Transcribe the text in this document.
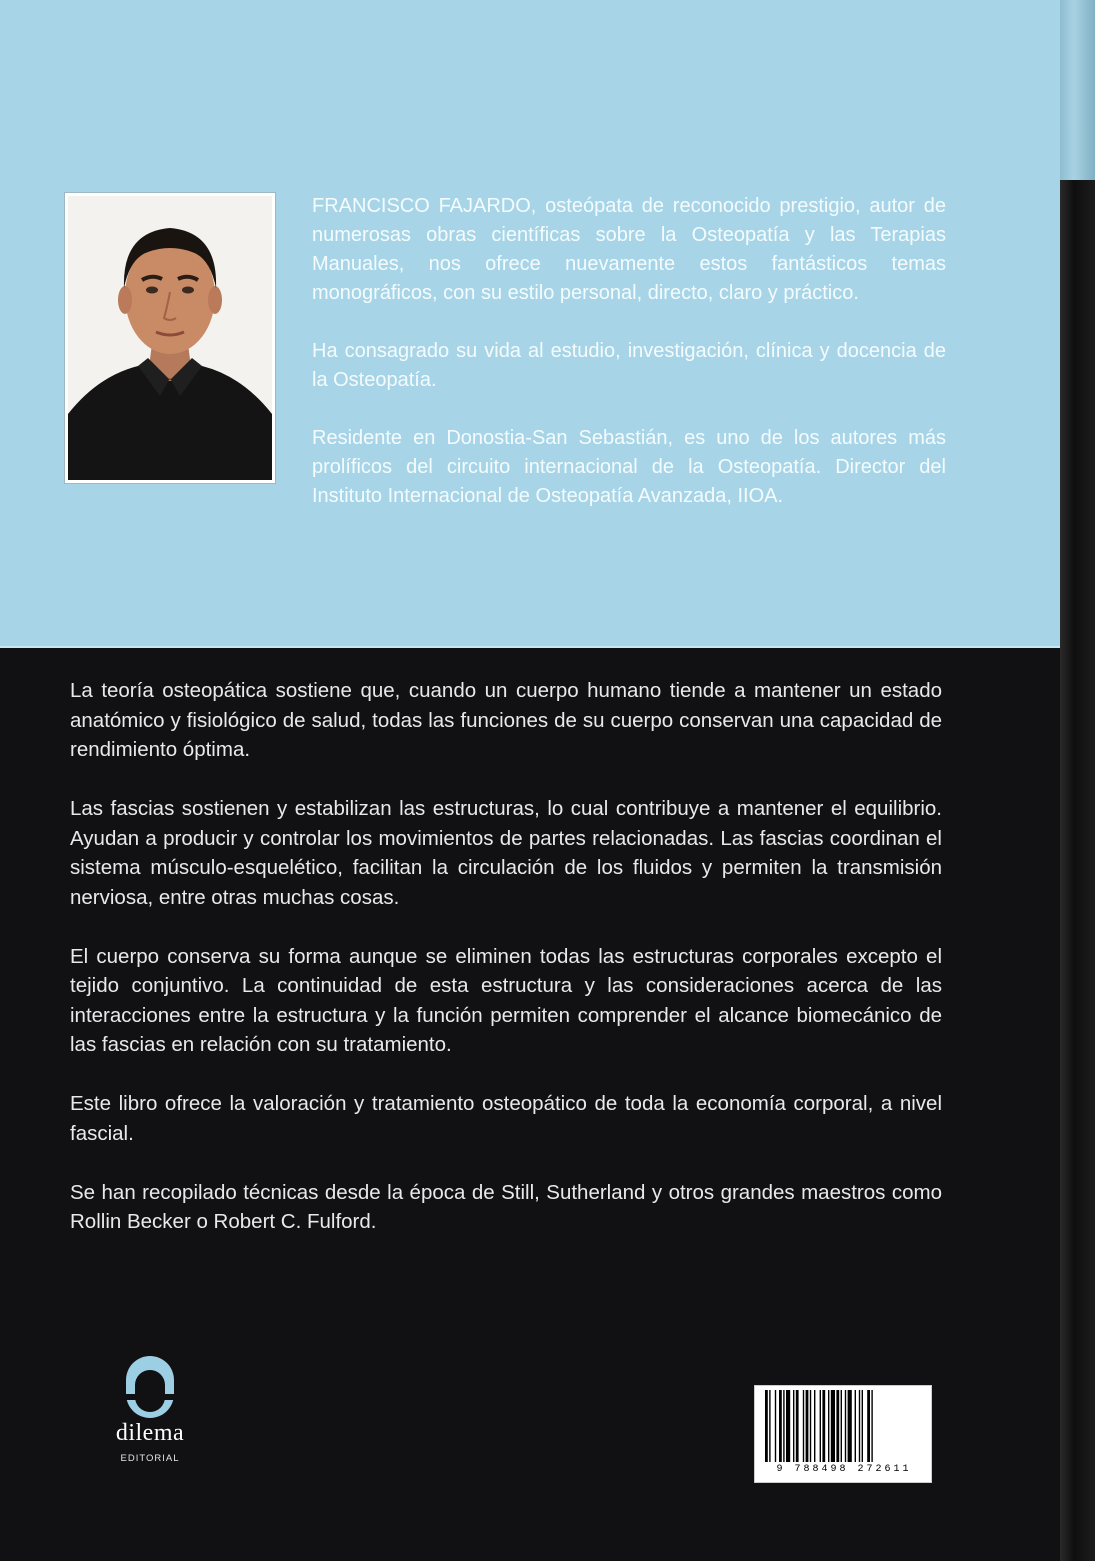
FRANCISCO FAJARDO, osteópata de reconocido prestigio, autor de numerosas obras científicas sobre la Osteopatía y las Terapias Manuales, nos ofrece nuevamente estos fantásticos temas monográficos, con su estilo personal, directo, claro y práctico.

Ha consagrado su vida al estudio, investigación, clínica y docencia de la Osteopatía.

Residente en Donostia-San Sebastián, es uno de los autores más prolíficos del circuito internacional de la Osteopatía. Director del Instituto Internacional de Osteopatía Avanzada, IIOA.

La teoría osteopática sostiene que, cuando un cuerpo humano tiende a mantener un estado anatómico y fisiológico de salud, todas las funciones de su cuerpo conservan una capacidad de rendimiento óptima.

Las fascias sostienen y estabilizan las estructuras, lo cual contribuye a mantener el equilibrio. Ayudan a producir y controlar los movimientos de partes relacionadas. Las fascias coordinan el sistema músculo-esquelético, facilitan la circulación de los fluidos y permiten la transmisión nerviosa, entre otras muchas cosas.

El cuerpo conserva su forma aunque se eliminen todas las estructuras corporales excepto el tejido conjuntivo. La continuidad de esta estructura y las consideraciones acerca de las interacciones entre la estructura y la función permiten comprender el alcance biomecánico de las fascias en relación con su tratamiento.

Este libro ofrece la valoración y tratamiento osteopático de toda la economía corporal, a nivel fascial.

Se han recopilado técnicas desde la época de Still, Sutherland y otros grandes maestros como Rollin Becker o Robert C. Fulford.

dilema
EDITORIAL
9 788498 272611
